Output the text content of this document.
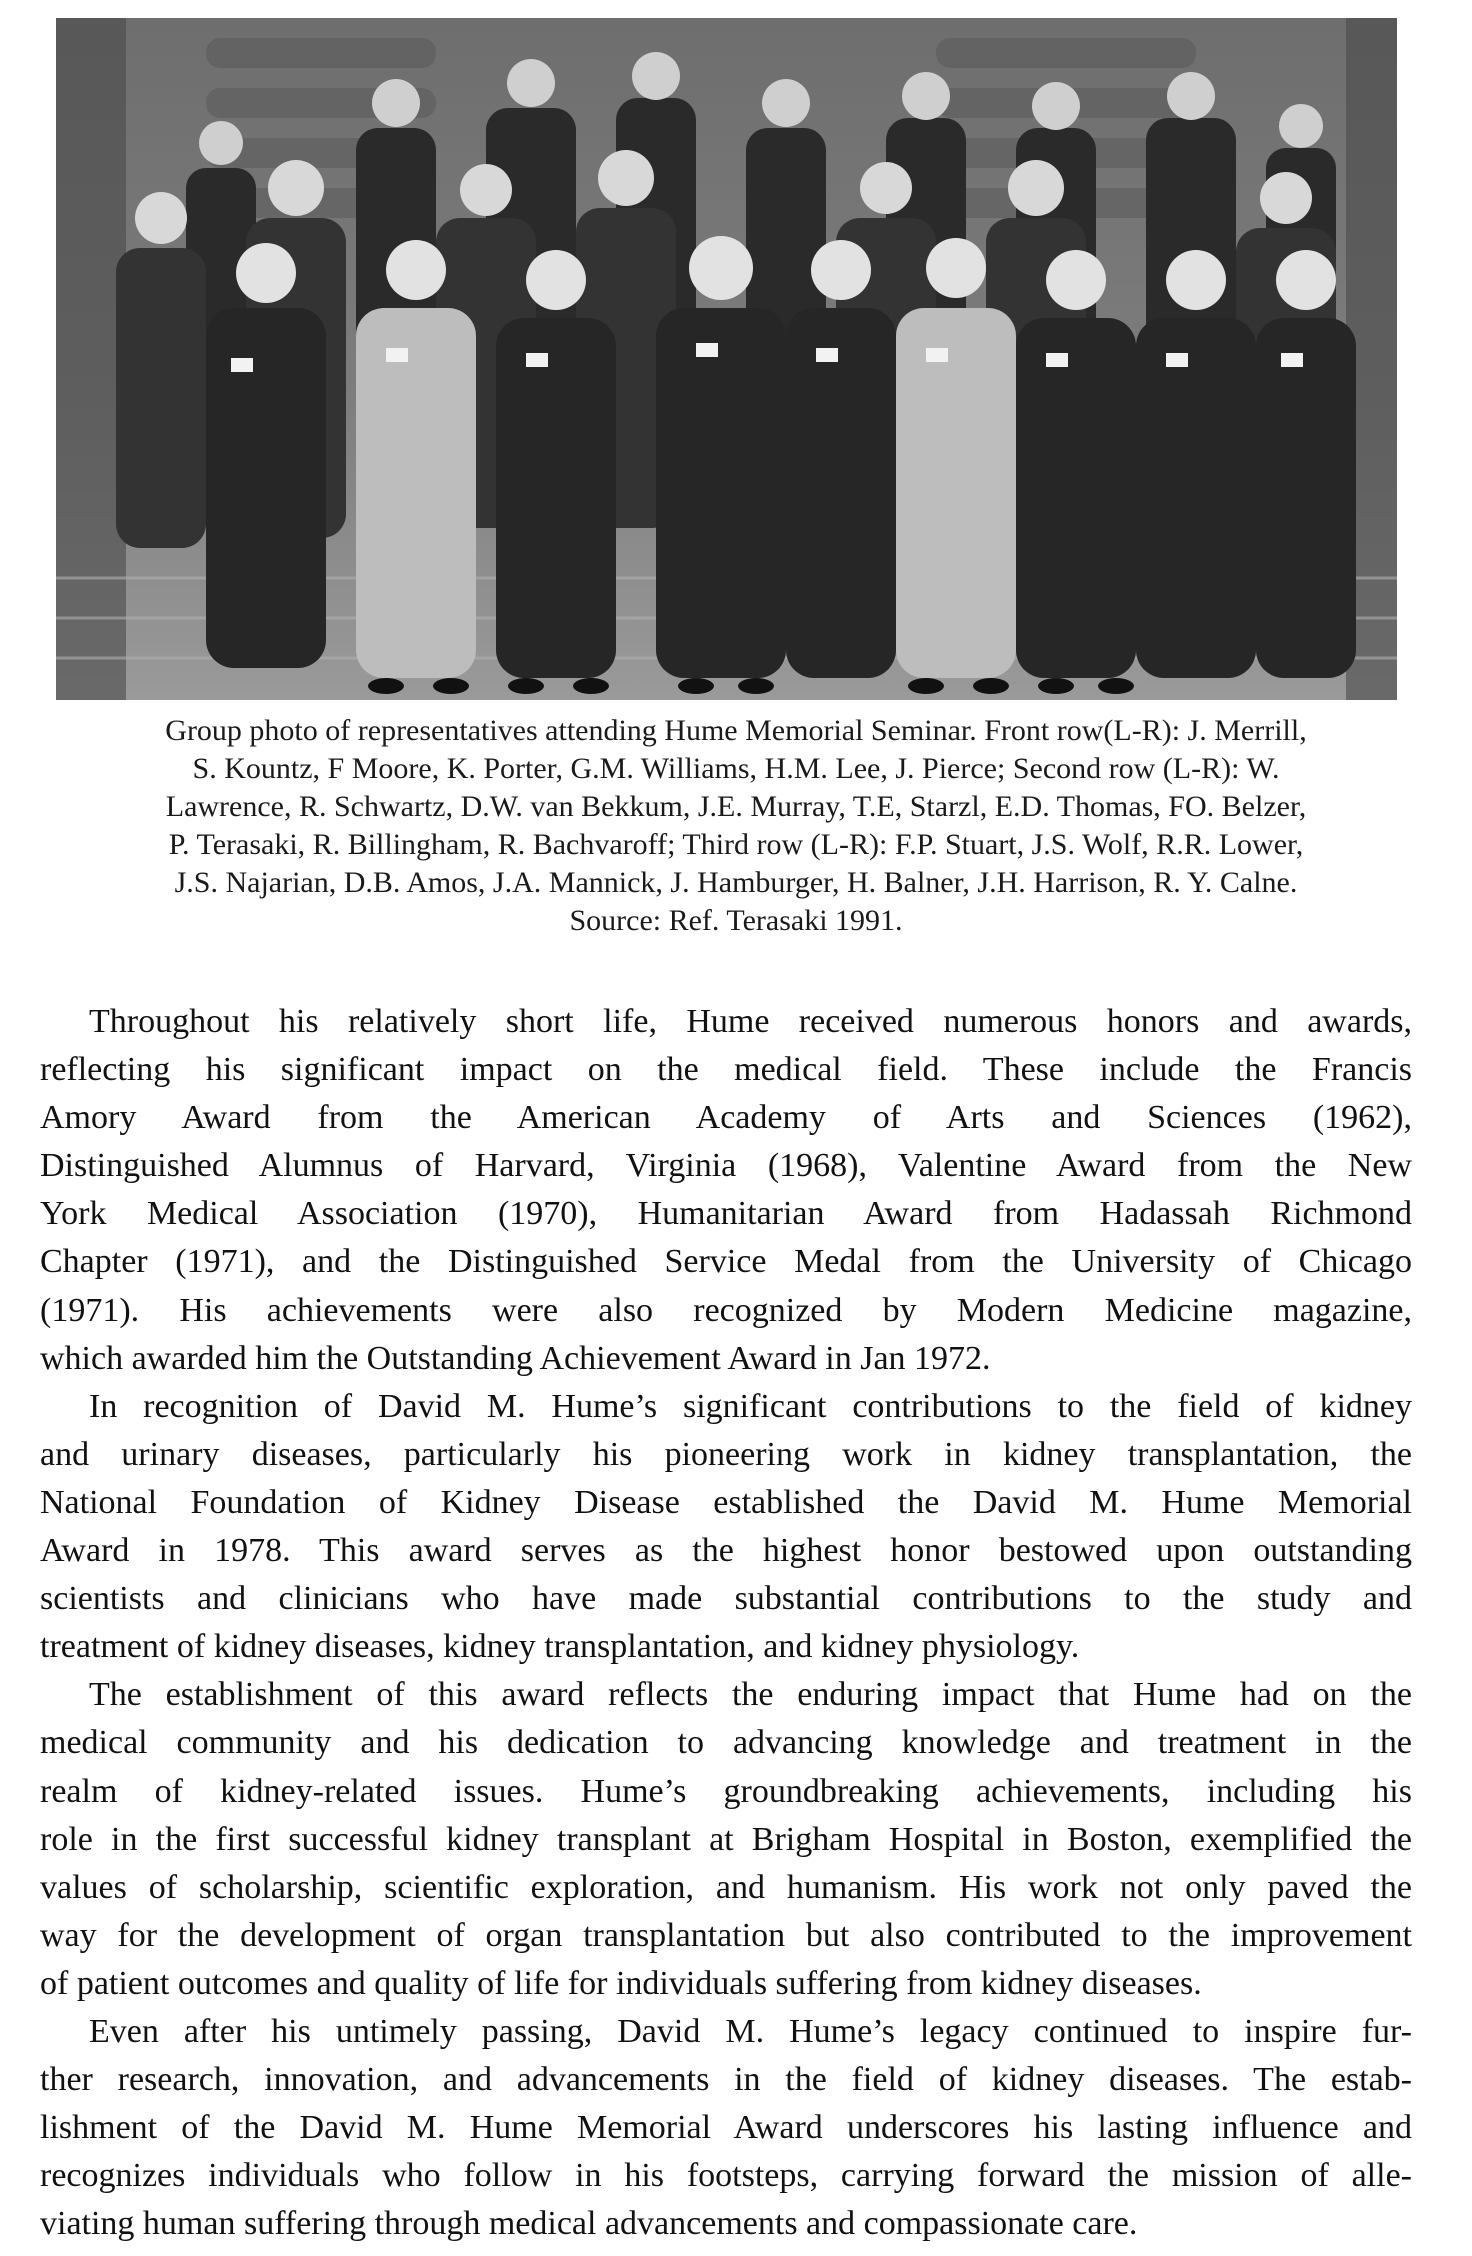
Group photo of representatives attending Hume Memorial Seminar. Front row(L-R): J. Merrill,
S. Kountz, F Moore, K. Porter, G.M. Williams, H.M. Lee, J. Pierce; Second row (L-R): W.
Lawrence, R. Schwartz, D.W. van Bekkum, J.E. Murray, T.E, Starzl, E.D. Thomas, FO. Belzer,
P. Terasaki, R. Billingham, R. Bachvaroff; Third row (L-R): F.P. Stuart, J.S. Wolf, R.R. Lower,
J.S. Najarian, D.B. Amos, J.A. Mannick, J. Hamburger, H. Balner, J.H. Harrison, R. Y. Calne.
Source: Ref. Terasaki 1991.
Throughout his relatively short life, Hume received numerous honors and awards,
reflecting his significant impact on the medical field. These include the Francis
Amory Award from the American Academy of Arts and Sciences (1962),
Distinguished Alumnus of Harvard, Virginia (1968), Valentine Award from the New
York Medical Association (1970), Humanitarian Award from Hadassah Richmond
Chapter (1971), and the Distinguished Service Medal from the University of Chicago
(1971). His achievements were also recognized by Modern Medicine magazine,
which awarded him the Outstanding Achievement Award in Jan 1972.
In recognition of David M. Hume’s significant contributions to the field of kidney
and urinary diseases, particularly his pioneering work in kidney transplantation, the
National Foundation of Kidney Disease established the David M. Hume Memorial
Award in 1978. This award serves as the highest honor bestowed upon outstanding
scientists and clinicians who have made substantial contributions to the study and
treatment of kidney diseases, kidney transplantation, and kidney physiology.
The establishment of this award reflects the enduring impact that Hume had on the
medical community and his dedication to advancing knowledge and treatment in the
realm of kidney-related issues. Hume’s groundbreaking achievements, including his
role in the first successful kidney transplant at Brigham Hospital in Boston, exemplified the
values of scholarship, scientific exploration, and humanism. His work not only paved the
way for the development of organ transplantation but also contributed to the improvement
of patient outcomes and quality of life for individuals suffering from kidney diseases.
Even after his untimely passing, David M. Hume’s legacy continued to inspire fur-
ther research, innovation, and advancements in the field of kidney diseases. The estab-
lishment of the David M. Hume Memorial Award underscores his lasting influence and
recognizes individuals who follow in his footsteps, carrying forward the mission of alle-
viating human suffering through medical advancements and compassionate care.
